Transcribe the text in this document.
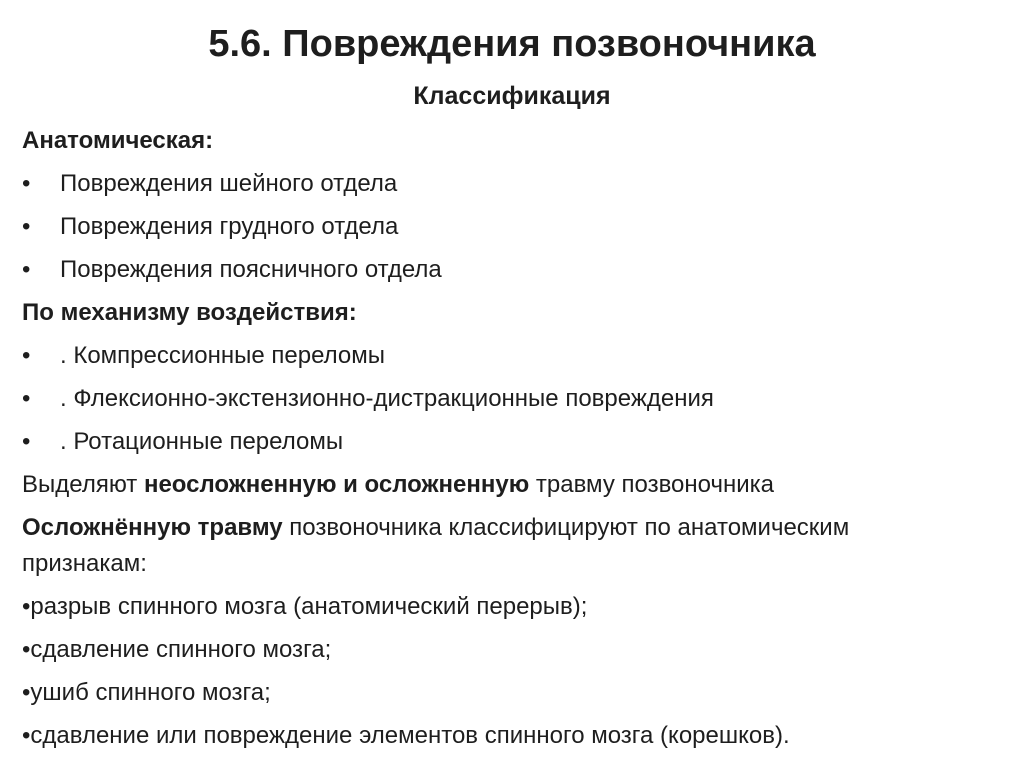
5.6. Повреждения позвоночника
Классификация
Анатомическая:
• Повреждения шейного отдела
• Повреждения грудного отдела
• Повреждения поясничного отдела
По механизму воздействия:
• . Компрессионные переломы
• . Флексионно-экстензионно-дистракционные повреждения
• . Ротационные переломы
Выделяют неосложненную и осложненную травму позвоночника
Осложнённую травму позвоночника классифицируют по анатомическим
признакам:
•разрыв спинного мозга (анатомический перерыв);
•сдавление спинного мозга;
•ушиб спинного мозга;
•сдавление или повреждение элементов спинного мозга (корешков).
